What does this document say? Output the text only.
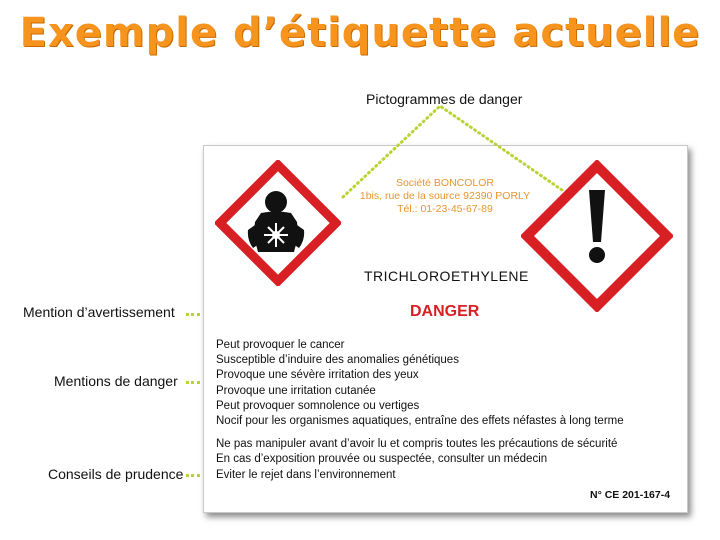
Exemple d’étiquette actuelle
Pictogrammes de danger
Mention d’avertissement
Mentions de danger
Conseils de prudence
Société BONCOLOR
1bis, rue de la source 92390 PORLY
Tél.: 01-23-45-67-89
TRICHLOROETHYLENE
DANGER
Peut provoquer le cancer
Susceptible d’induire des anomalies génétiques
Provoque une sévère irritation des yeux
Provoque une irritation cutanée
Peut provoquer somnolence ou vertiges
Nocif pour les organismes aquatiques, entraîne des effets néfastes à long terme
Ne pas manipuler avant d’avoir lu et compris toutes les précautions de sécurité
En cas d’exposition prouvée ou suspectée, consulter un médecin
Eviter le rejet dans l’environnement
N° CE 201-167-4
